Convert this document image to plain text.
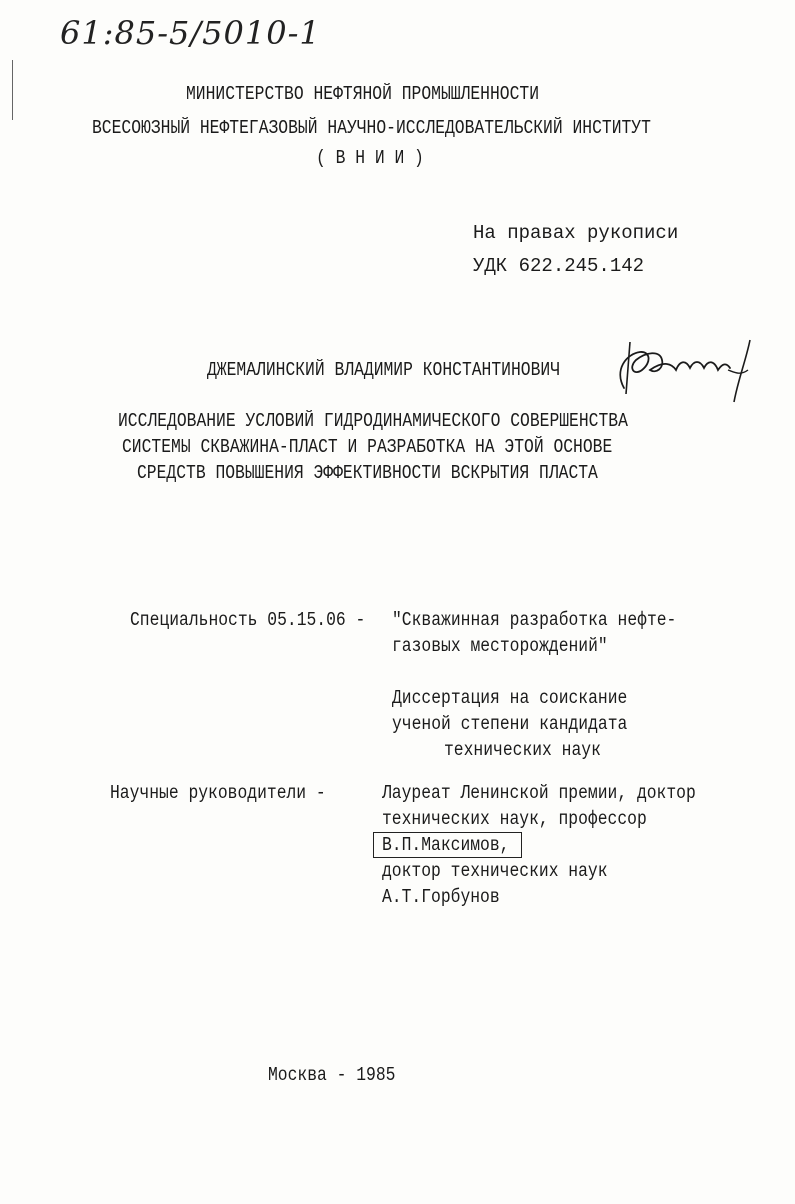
61:85-5/5010-1
МИНИСТЕРСТВО НЕФТЯНОЙ ПРОМЫШЛЕННОСТИ
ВСЕСОЮЗНЫЙ НЕФТЕГАЗОВЫЙ НАУЧНО-ИССЛЕДОВАТЕЛЬСКИЙ ИНСТИТУТ
( В Н И И )
На правах рукописи
УДК 622.245.142
ДЖЕМАЛИНСКИЙ ВЛАДИМИР КОНСТАНТИНОВИЧ
ИССЛЕДОВАНИЕ УСЛОВИЙ ГИДРОДИНАМИЧЕСКОГО СОВЕРШЕНСТВА
СИСТЕМЫ СКВАЖИНА-ПЛАСТ И РАЗРАБОТКА НА ЭТОЙ ОСНОВЕ
СРЕДСТВ ПОВЫШЕНИЯ ЭФФЕКТИВНОСТИ ВСКРЫТИЯ ПЛАСТА
Специальность 05.15.06 - "Скважинная разработка нефте-
газовых месторождений"
Диссертация на соискание
ученой степени кандидата
технических наук
Научные руководители -	Лауреат Ленинской премии, доктор
технических наук, профессор
В.П.Максимов,
доктор технических наук
А.Т.Горбунов
Москва - 1985
